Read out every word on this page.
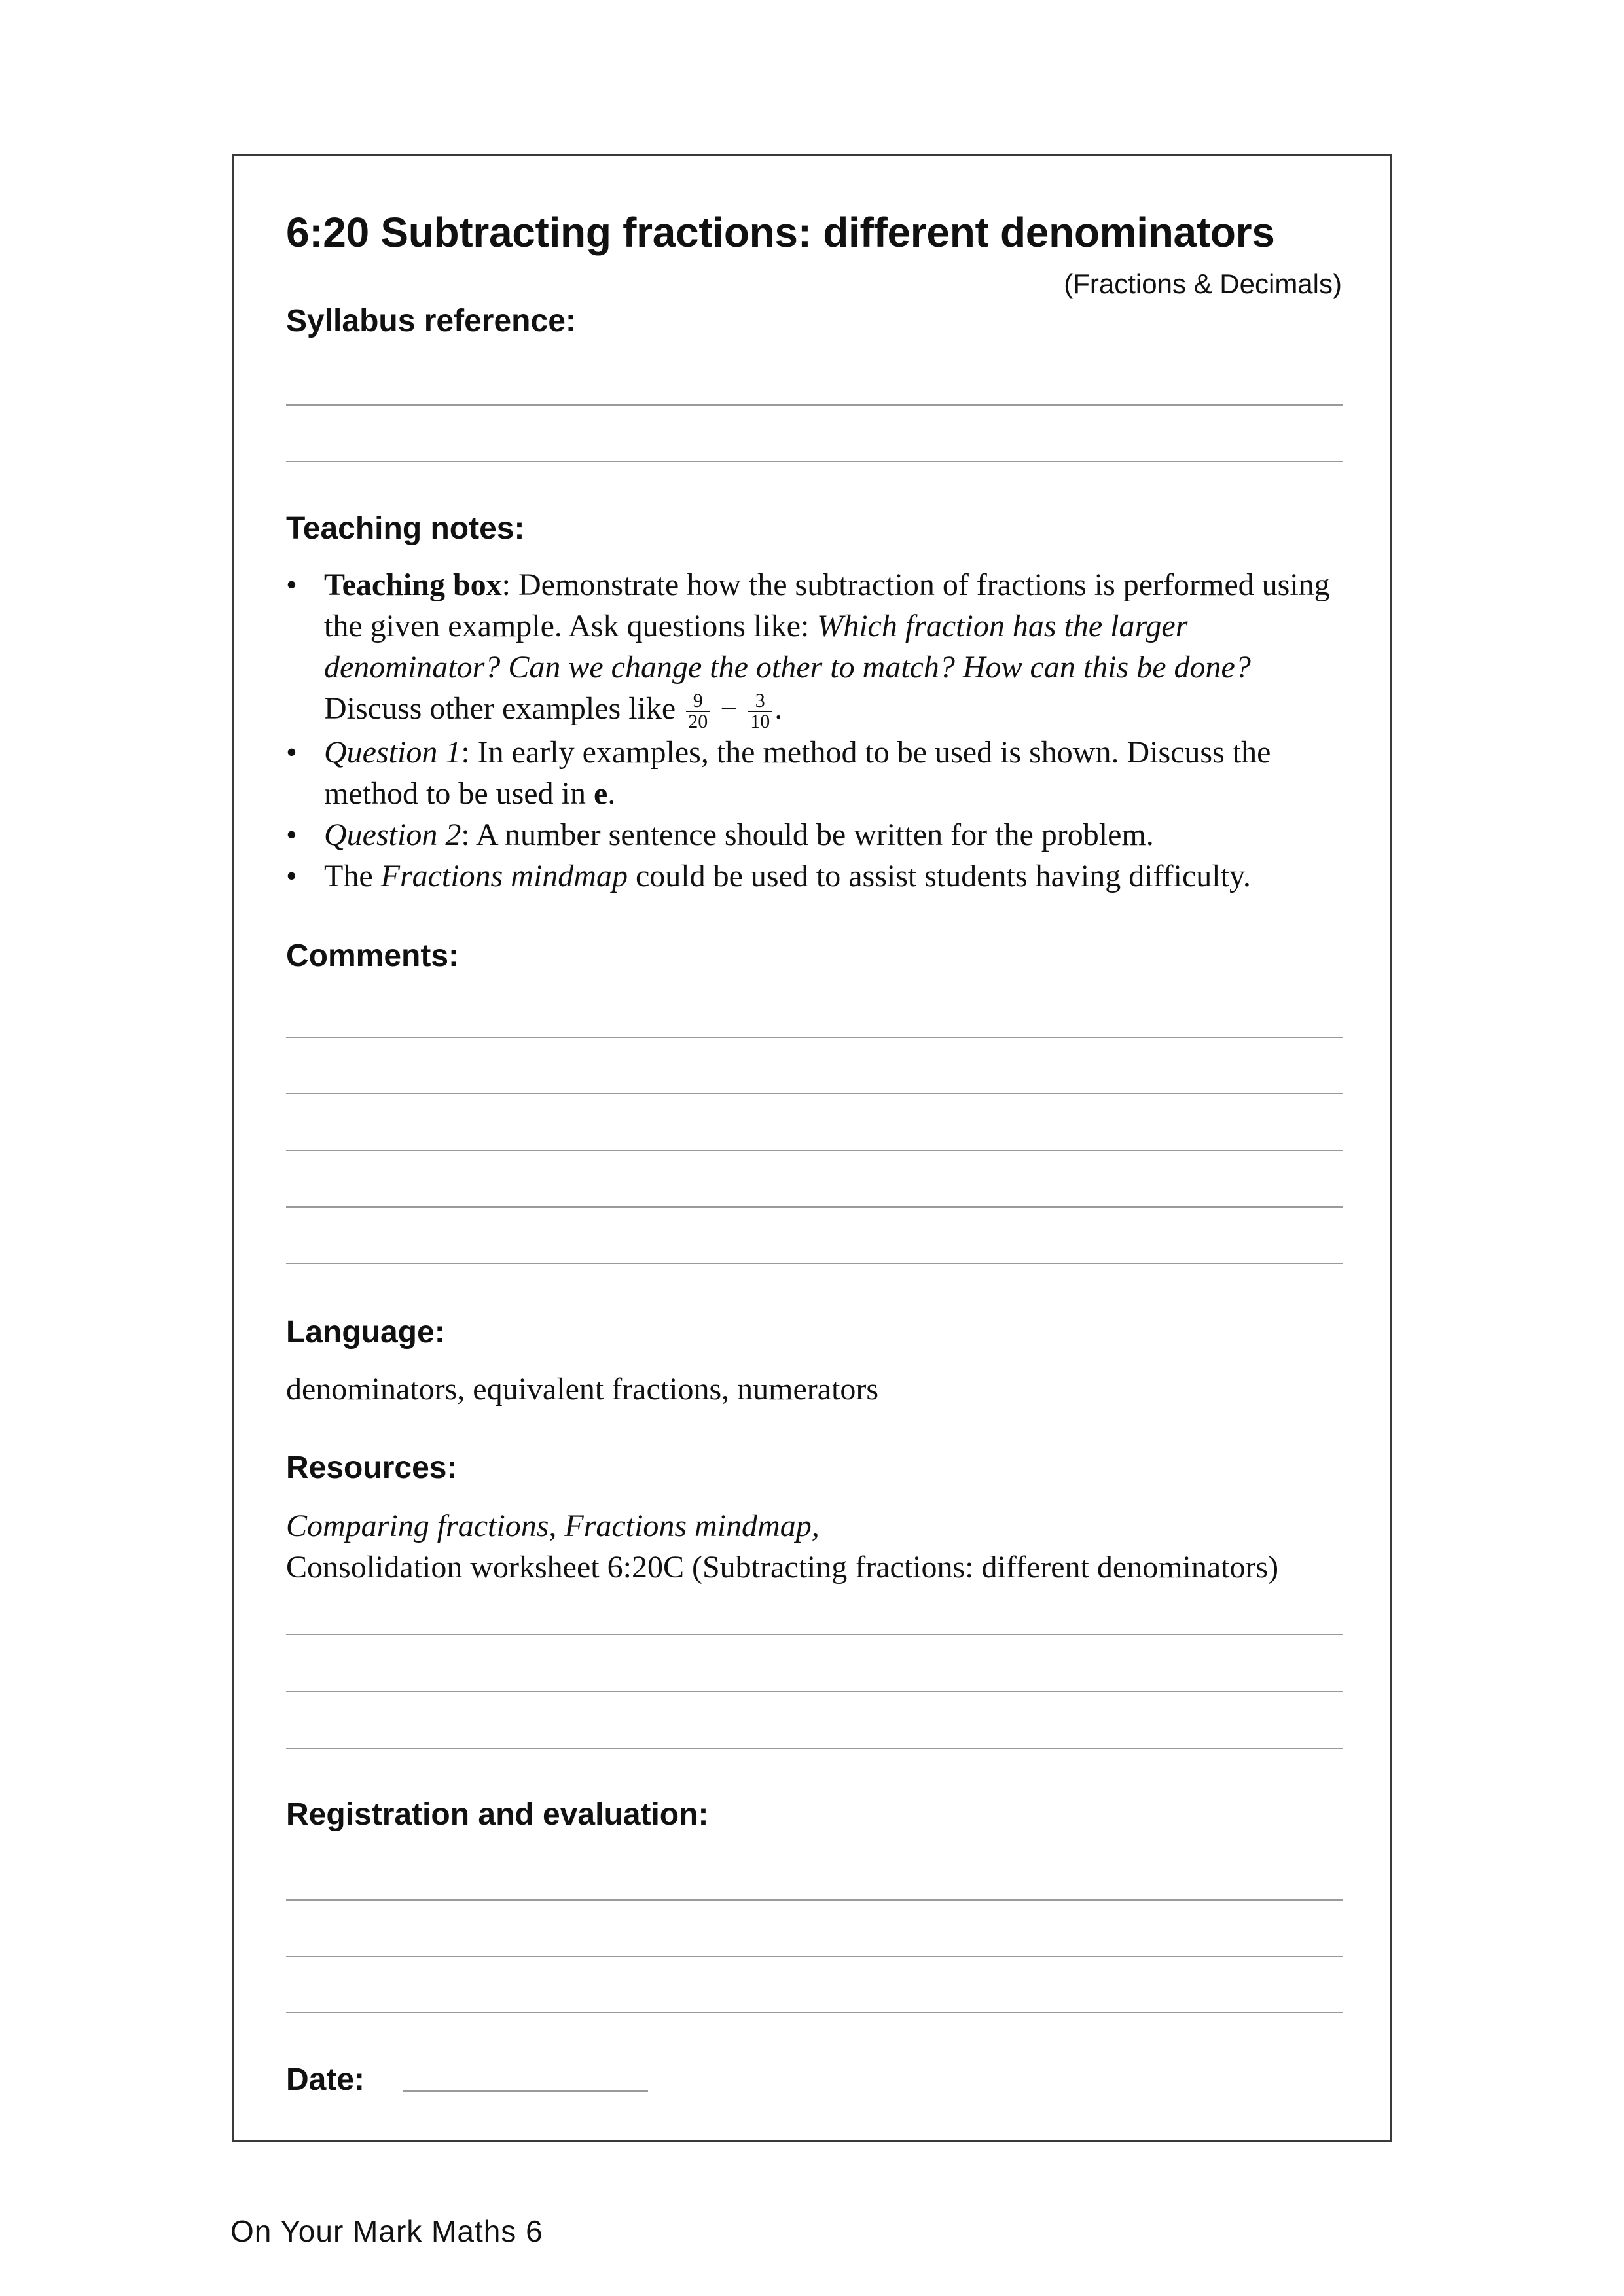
6:20 Subtracting fractions: different denominators
(Fractions & Decimals)
Syllabus reference:
Teaching notes:
• Teaching box: Demonstrate how the subtraction of fractions is performed using the given example. Ask questions like: Which fraction has the larger denominator? Can we change the other to match? How can this be done? Discuss other examples like $\frac{9}{20} - \frac{3}{10}$ .
• Question 1: In early examples, the method to be used is shown. Discuss the method to be used in e.
• Question 2: A number sentence should be written for the problem.
• The Fractions mindmap could be used to assist students having difficulty.
Comments:
Language:
denominators, equivalent fractions, numerators
Resources:
Comparing fractions, Fractions mindmap,
Consolidation worksheet 6:20C (Subtracting fractions: different denominators)
Registration and evaluation:
Date:
On Your Mark Maths 6
